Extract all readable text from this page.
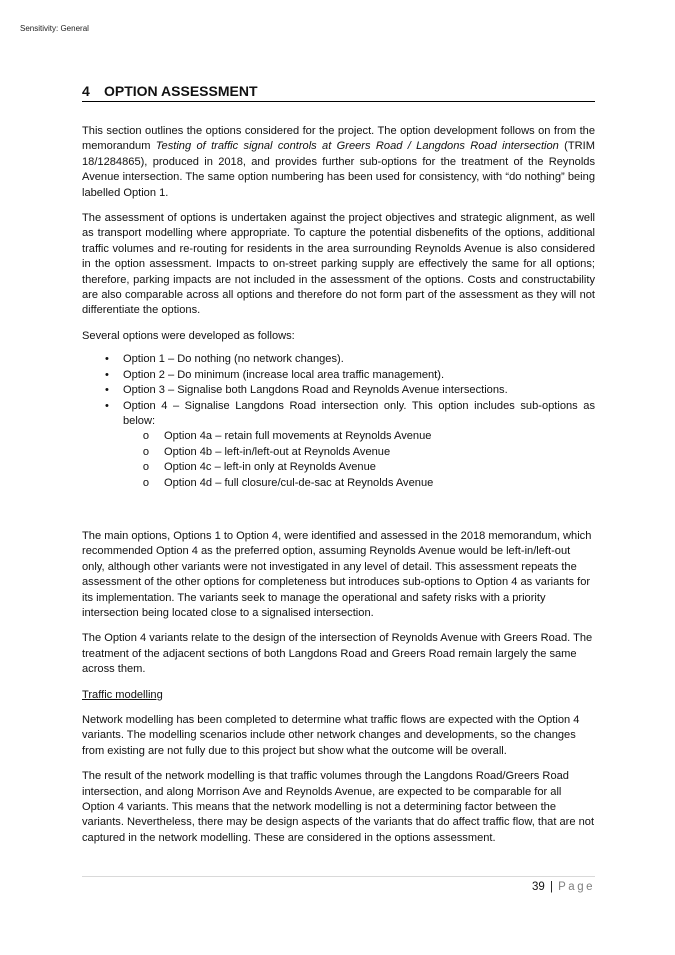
Sensitivity: General
4	OPTION ASSESSMENT

This section outlines the options considered for the project. The option development follows on from the memorandum Testing of traffic signal controls at Greers Road / Langdons Road intersection (TRIM 18/1284865), produced in 2018, and provides further sub-options for the treatment of the Reynolds Avenue intersection. The same option numbering has been used for consistency, with “do nothing” being labelled Option 1.

The assessment of options is undertaken against the project objectives and strategic alignment, as well as transport modelling where appropriate. To capture the potential disbenefits of the options, additional traffic volumes and re-routing for residents in the area surrounding Reynolds Avenue is also considered in the option assessment. Impacts to on-street parking supply are effectively the same for all options; therefore, parking impacts are not included in the assessment of the options. Costs and constructability are also comparable across all options and therefore do not form part of the assessment as they will not differentiate the options.

Several options were developed as follows:

• Option 1 – Do nothing (no network changes).
• Option 2 – Do minimum (increase local area traffic management).
• Option 3 – Signalise both Langdons Road and Reynolds Avenue intersections.
• Option 4 – Signalise Langdons Road intersection only. This option includes sub-options as below:
o Option 4a – retain full movements at Reynolds Avenue
o Option 4b – left-in/left-out at Reynolds Avenue
o Option 4c – left-in only at Reynolds Avenue
o Option 4d – full closure/cul-de-sac at Reynolds Avenue

The main options, Options 1 to Option 4, were identified and assessed in the 2018 memorandum, which recommended Option 4 as the preferred option, assuming Reynolds Avenue would be left-in/left-out only, although other variants were not investigated in any level of detail. This assessment repeats the assessment of the other options for completeness but introduces sub-options to Option 4 as variants for its implementation. The variants seek to manage the operational and safety risks with a priority intersection being located close to a signalised intersection.

The Option 4 variants relate to the design of the intersection of Reynolds Avenue with Greers Road. The treatment of the adjacent sections of both Langdons Road and Greers Road remain largely the same across them.

Traffic modelling

Network modelling has been completed to determine what traffic flows are expected with the Option 4 variants. The modelling scenarios include other network changes and developments, so the changes from existing are not fully due to this project but show what the outcome will be overall.

The result of the network modelling is that traffic volumes through the Langdons Road/Greers Road intersection, and along Morrison Ave and Reynolds Avenue, are expected to be comparable for all Option 4 variants. This means that the network modelling is not a determining factor between the variants. Nevertheless, there may be design aspects of the variants that do affect traffic flow, that are not captured in the network modelling. These are considered in the options assessment.

39 | Page
